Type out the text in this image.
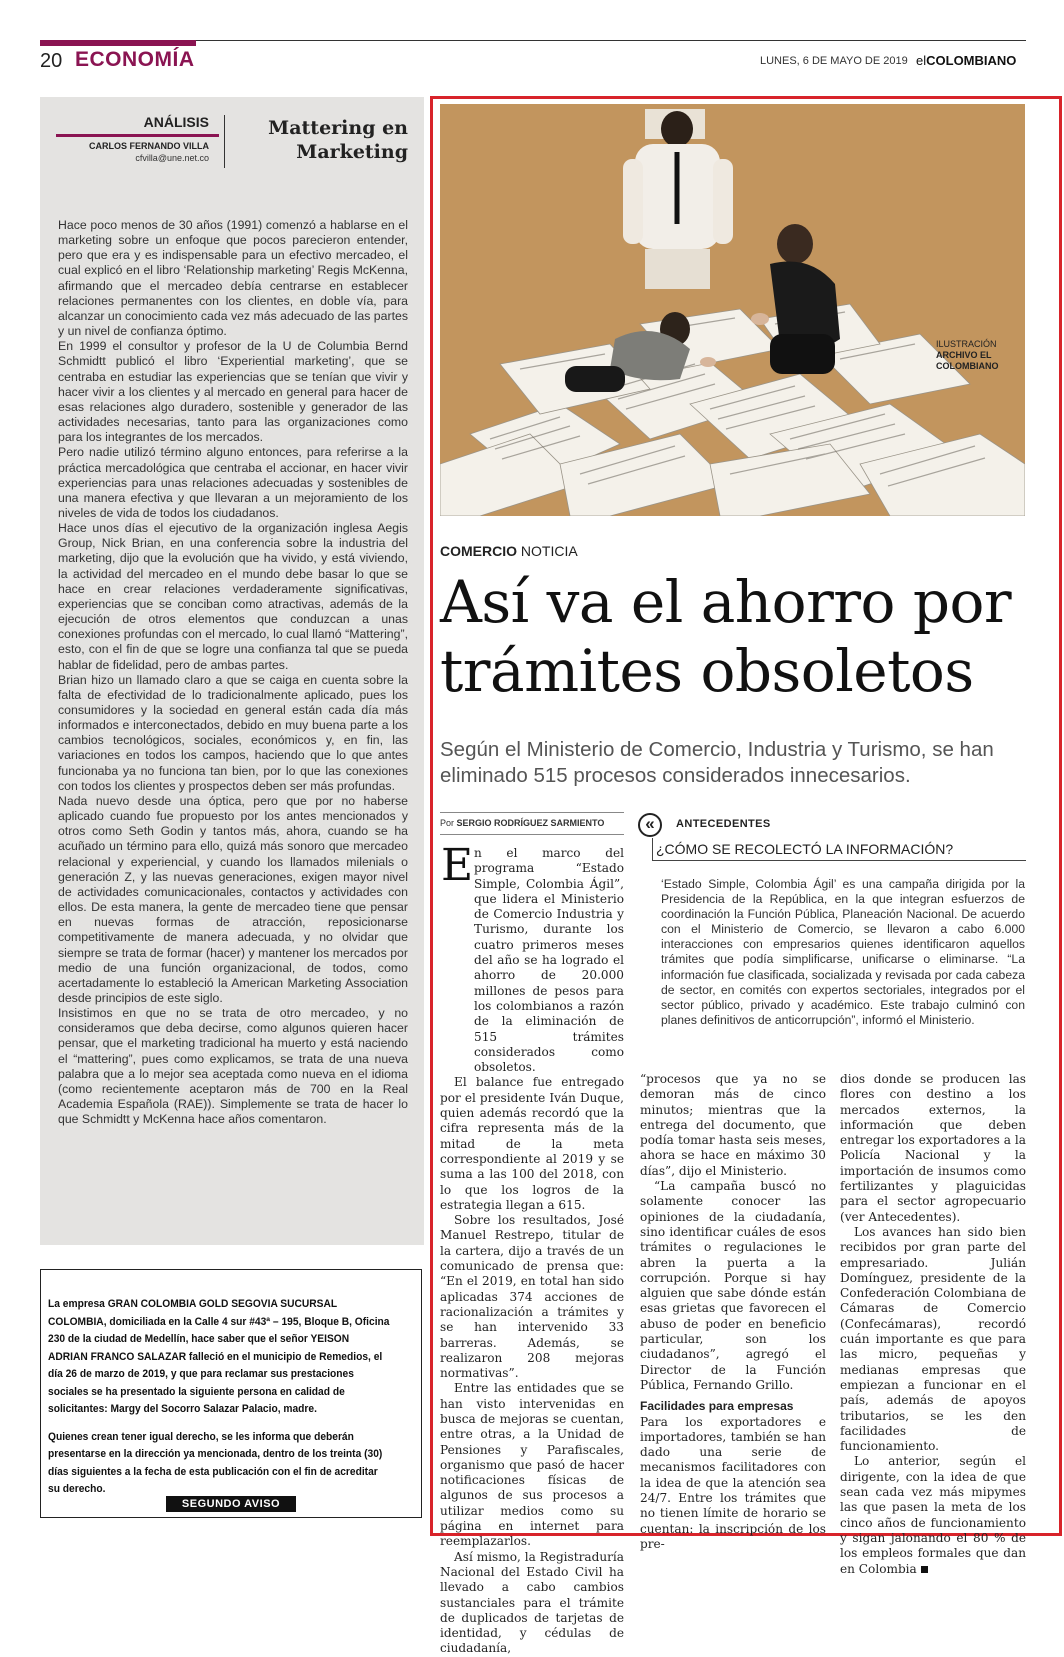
20 ECONOMÍA	LUNES, 6 DE MAYO DE 2019 elCOLOMBIANO
ANÁLISIS
CARLOS FERNANDO VILLA
cfvilla@une.net.co
Mattering en Marketing

Hace poco menos de 30 años (1991) comenzó a hablarse en el marketing sobre un enfoque que pocos parecieron entender, pero que era y es indispensable para un efectivo mercadeo, el cual explicó en el libro ‘Relationship marketing’ Regis McKenna, afirmando que el mercadeo debía centrarse en establecer relaciones permanentes con los clientes, en doble vía, para alcanzar un conocimiento cada vez más adecuado de las partes y un nivel de confianza óptimo.

En 1999 el consultor y profesor de la U de Columbia Bernd Schmidtt publicó el libro ‘Experiential marketing’, que se centraba en estudiar las experiencias que se tenían que vivir y hacer vivir a los clientes y al mercado en general para hacer de esas relaciones algo duradero, sostenible y generador de las actividades necesarias, tanto para las organizaciones como para los integrantes de los mercados.

Pero nadie utilizó término alguno entonces, para referirse a la práctica mercadológica que centraba el accionar, en hacer vivir experiencias para unas relaciones adecuadas y sostenibles de una manera efectiva y que llevaran a un mejoramiento de los niveles de vida de todos los ciudadanos.

Hace unos días el ejecutivo de la organización inglesa Aegis Group, Nick Brian, en una conferencia sobre la industria del marketing, dijo que la evolución que ha vivido, y está viviendo, la actividad del mercadeo en el mundo debe basar lo que se hace en crear relaciones verdaderamente significativas, experiencias que se conciban como atractivas, además de la ejecución de otros elementos que conduzcan a unas conexiones profundas con el mercado, lo cual llamó “Mattering”, esto, con el fin de que se logre una confianza tal que se pueda hablar de fidelidad, pero de ambas partes.

Brian hizo un llamado claro a que se caiga en cuenta sobre la falta de efectividad de lo tradicionalmente aplicado, pues los consumidores y la sociedad en general están cada día más informados e interconectados, debido en muy buena parte a los cambios tecnológicos, sociales, económicos y, en fin, las variaciones en todos los campos, haciendo que lo que antes funcionaba ya no funciona tan bien, por lo que las conexiones con todos los clientes y prospectos deben ser más profundas.

Nada nuevo desde una óptica, pero que por no haberse aplicado cuando fue propuesto por los antes mencionados y otros como Seth Godin y tantos más, ahora, cuando se ha acuñado un término para ello, quizá más sonoro que mercadeo relacional y experiencial, y cuando los llamados milenials o generación Z, y las nuevas generaciones, exigen mayor nivel de actividades comunicacionales, contactos y actividades con ellos. De esta manera, la gente de mercadeo tiene que pensar en nuevas formas de atracción, reposicionarse competitivamente de manera adecuada, y no olvidar que siempre se trata de formar (hacer) y mantener los mercados por medio de una función organizacional, de todos, como acertadamente lo estableció la American Marketing Association desde principios de este siglo.

Insistimos en que no se trata de otro mercadeo, y no consideramos que deba decirse, como algunos quieren hacer pensar, que el marketing tradicional ha muerto y está naciendo el “mattering”, pues como explicamos, se trata de una nueva palabra que a lo mejor sea aceptada como nueva en el idioma (como recientemente aceptaron más de 700 en la Real Academia Española (RAE)). Simplemente se trata de hacer lo que Schmidtt y McKenna hace años comentaron.

La empresa GRAN COLOMBIA GOLD SEGOVIA SUCURSAL COLOMBIA, domiciliada en la Calle 4 sur #43ª – 195, Bloque B, Oficina 230 de la ciudad de Medellín, hace saber que el señor YEISON ADRIAN FRANCO SALAZAR falleció en el municipio de Remedios, el día 26 de marzo de 2019, y que para reclamar sus prestaciones sociales se ha presentado la siguiente persona en calidad de solicitantes: Margy del Socorro Salazar Palacio, madre.

Quienes crean tener igual derecho, se les informa que deberán presentarse en la dirección ya mencionada, dentro de los treinta (30) días siguientes a la fecha de esta publicación con el fin de acreditar su derecho.

SEGUNDO AVISO
ILUSTRACIÓN
ARCHIVO EL COLOMBIANO
COMERCIO NOTICIA
Así va el ahorro por trámites obsoletos
Según el Ministerio de Comercio, Industria y Turismo, se han eliminado 515 procesos considerados innecesarios.
Por SERGIO RODRÍGUEZ SARMIENTO
E n el marco del programa “Estado Simple, Colombia Ágil”, que lidera el Ministerio de Comercio Industria y Turismo, durante los cuatro primeros meses del año se ha logrado el ahorro de 20.000 millones de pesos para los colombianos a razón de la eliminación de 515 trámites considerados como obsoletos.

El balance fue entregado por el presidente Iván Duque, quien además recordó que la cifra representa más de la mitad de la meta correspondiente al 2019 y se suma a las 100 del 2018, con lo que los logros de la estrategia llegan a 615.

Sobre los resultados, José Manuel Restrepo, titular de la cartera, dijo a través de un comunicado de prensa que: “En el 2019, en total han sido aplicadas 374 acciones de racionalización a trámites y se han intervenido 33 barreras. Además, se realizaron 208 mejoras normativas”.

Entre las entidades que se han visto intervenidas en busca de mejoras se cuentan, entre otras, a la Unidad de Pensiones y Parafiscales, organismo que pasó de hacer notificaciones físicas de algunos de sus procesos a utilizar medios como su página en internet para reemplazarlos.

Así mismo, la Registraduría Nacional del Estado Civil ha llevado a cabo cambios sustanciales para el trámite de duplicados de tarjetas de identidad, y cédulas de ciudadanía,

«	ANTECEDENTES
¿CÓMO SE RECOLECTÓ LA INFORMACIÓN?
‘Estado Simple, Colombia Ágil’ es una campaña dirigida por la Presidencia de la República, en la que integran esfuerzos de coordinación la Función Pública, Planeación Nacional. De acuerdo con el Ministerio de Comercio, se llevaron a cabo 6.000 interacciones con empresarios quienes identificaron aquellos trámites que podía simplificarse, unificarse o eliminarse. “La información fue clasificada, socializada y revisada por cada cabeza de sector, en comités con expertos sectoriales, integrados por el sector público, privado y académico. Este trabajo culminó con planes definitivos de anticorrupción”, informó el Ministerio.

“procesos que ya no se demoran más de cinco minutos; mientras que la entrega del documento, que podía tomar hasta seis meses, ahora se hace en máximo 30 días”, dijo el Ministerio.

“La campaña buscó no solamente conocer las opiniones de la ciudadanía, sino identificar cuáles de esos trámites o regulaciones le abren la puerta a la corrupción. Porque si hay alguien que sabe dónde están esas grietas que favorecen el abuso de poder en beneficio particular, son los ciudadanos”, agregó el Director de la Función Pública, Fernando Grillo.

Facilidades para empresas

Para los exportadores e importadores, también se han dado una serie de mecanismos facilitadores con la idea de que la atención sea 24/7. Entre los trámites que no tienen límite de horario se cuentan: la inscripción de los pre-

dios donde se producen las flores con destino a los mercados externos, la información que deben entregar los exportadores a la Policía Nacional y la importación de insumos como fertilizantes y plaguicidas para el sector agropecuario (ver Antecedentes).

Los avances han sido bien recibidos por gran parte del empresariado. Julián Domínguez, presidente de la Confederación Colombiana de Cámaras de Comercio (Confecámaras), recordó cuán importante es que para las micro, pequeñas y medianas empresas que empiezan a funcionar en el país, además de apoyos tributarios, se les den facilidades de funcionamiento.

Lo anterior, según el dirigente, con la idea de que sean cada vez más mipymes las que pasen la meta de los cinco años de funcionamiento y sigan jalonando el 80 % de los empleos formales que dan en Colombia
